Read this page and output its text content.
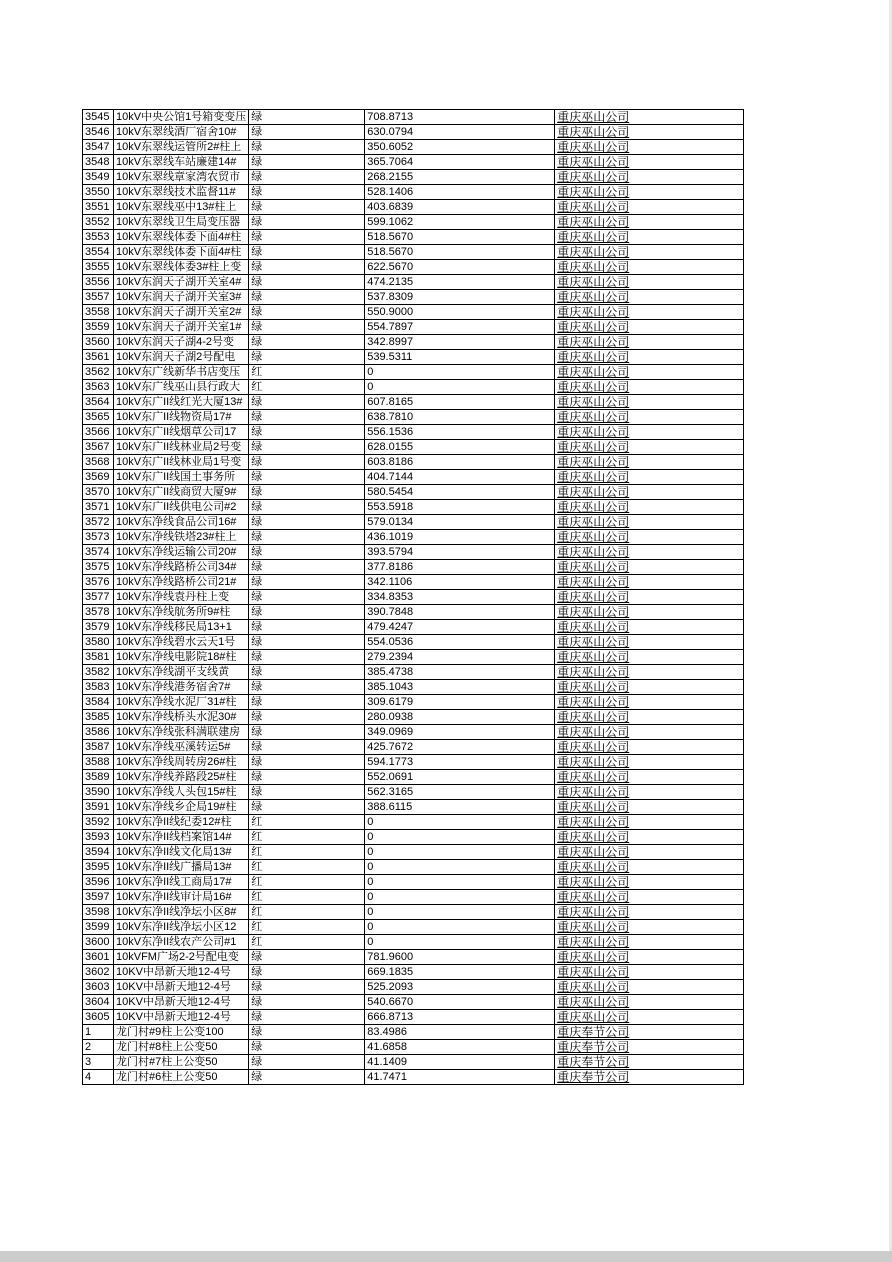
3545	10kV中央公馆1号箱变变压	绿	708.8713	重庆巫山公司
3546	10kV东翠线酒厂宿舍10#	绿	630.0794	重庆巫山公司
3547	10kV东翠线运管所2#柱上	绿	350.6052	重庆巫山公司
3548	10kV东翠线车站廉建14#	绿	365.7064	重庆巫山公司
3549	10kV东翠线章家湾农贸市	绿	268.2155	重庆巫山公司
3550	10kV东翠线技术监督11#	绿	528.1406	重庆巫山公司
3551	10kV东翠线巫中13#柱上	绿	403.6839	重庆巫山公司
3552	10kV东翠线卫生局变压器	绿	599.1062	重庆巫山公司
3553	10kV东翠线体委下面4#柱	绿	518.5670	重庆巫山公司
3554	10kV东翠线体委下面4#柱	绿	518.5670	重庆巫山公司
3555	10kV东翠线体委3#柱上变	绿	622.5670	重庆巫山公司
3556	10kV东润天子湖开关室4#	绿	474.2135	重庆巫山公司
3557	10kV东润天子湖开关室3#	绿	537.8309	重庆巫山公司
3558	10kV东润天子湖开关室2#	绿	550.9000	重庆巫山公司
3559	10kV东润天子湖开关室1#	绿	554.7897	重庆巫山公司
3560	10kV东润天子湖4-2号变	绿	342.8997	重庆巫山公司
3561	10kV东润天子湖2号配电	绿	539.5311	重庆巫山公司
3562	10kV东广线新华书店变压	红	0	重庆巫山公司
3563	10kV东广线巫山县行政大	红	0	重庆巫山公司
3564	10kV东广II线红光大厦13#	绿	607.8165	重庆巫山公司
3565	10kV东广II线物资局17#	绿	638.7810	重庆巫山公司
3566	10kV东广II线烟草公司17	绿	556.1536	重庆巫山公司
3567	10kV东广II线林业局2号变	绿	628.0155	重庆巫山公司
3568	10kV东广II线林业局1号变	绿	603.8186	重庆巫山公司
3569	10kV东广II线国土事务所	绿	404.7144	重庆巫山公司
3570	10kV东广II线商贸大厦9#	绿	580.5454	重庆巫山公司
3571	10kV东广II线供电公司#2	绿	553.5918	重庆巫山公司
3572	10kV东净线食品公司16#	绿	579.0134	重庆巫山公司
3573	10kV东净线铁塔23#柱上	绿	436.1019	重庆巫山公司
3574	10kV东净线运输公司20#	绿	393.5794	重庆巫山公司
3575	10kV东净线路桥公司34#	绿	377.8186	重庆巫山公司
3576	10kV东净线路桥公司21#	绿	342.1106	重庆巫山公司
3577	10kV东净线袁丹柱上变	绿	334.8353	重庆巫山公司
3578	10kV东净线航务所9#柱	绿	390.7848	重庆巫山公司
3579	10kV东净线移民局13+1	绿	479.4247	重庆巫山公司
3580	10kV东净线碧水云天1号	绿	554.0536	重庆巫山公司
3581	10kV东净线电影院18#柱	绿	279.2394	重庆巫山公司
3582	10kV东净线湖平支线黄	绿	385.4738	重庆巫山公司
3583	10kV东净线港务宿舍7#	绿	385.1043	重庆巫山公司
3584	10kV东净线水泥厂31#柱	绿	309.6179	重庆巫山公司
3585	10kV东净线桥头水泥30#	绿	280.0938	重庆巫山公司
3586	10kV东净线张科满联建房	绿	349.0969	重庆巫山公司
3587	10kV东净线巫溪转运5#	绿	425.7672	重庆巫山公司
3588	10kV东净线周转房26#柱	绿	594.1773	重庆巫山公司
3589	10kV东净线养路段25#柱	绿	552.0691	重庆巫山公司
3590	10kV东净线人头包15#柱	绿	562.3165	重庆巫山公司
3591	10kV东净线乡企局19#柱	绿	388.6115	重庆巫山公司
3592	10kV东净II线纪委12#柱	红	0	重庆巫山公司
3593	10kV东净II线档案馆14#	红	0	重庆巫山公司
3594	10kV东净II线文化局13#	红	0	重庆巫山公司
3595	10kV东净II线广播局13#	红	0	重庆巫山公司
3596	10kV东净II线工商局17#	红	0	重庆巫山公司
3597	10kV东净II线审计局16#	红	0	重庆巫山公司
3598	10kV东净II线净坛小区8#	红	0	重庆巫山公司
3599	10kV东净II线净坛小区12	红	0	重庆巫山公司
3600	10kV东净II线农产公司#1	红	0	重庆巫山公司
3601	10kVFM广场2-2号配电变	绿	781.9600	重庆巫山公司
3602	10KV中昂新天地12-4号	绿	669.1835	重庆巫山公司
3603	10KV中昂新天地12-4号	绿	525.2093	重庆巫山公司
3604	10KV中昂新天地12-4号	绿	540.6670	重庆巫山公司
3605	10KV中昂新天地12-4号	绿	666.8713	重庆巫山公司
1	龙门村#9柱上公变100	绿	83.4986	重庆奉节公司
2	龙门村#8柱上公变50	绿	41.6858	重庆奉节公司
3	龙门村#7柱上公变50	绿	41.1409	重庆奉节公司
4	龙门村#6柱上公变50	绿	41.7471	重庆奉节公司
